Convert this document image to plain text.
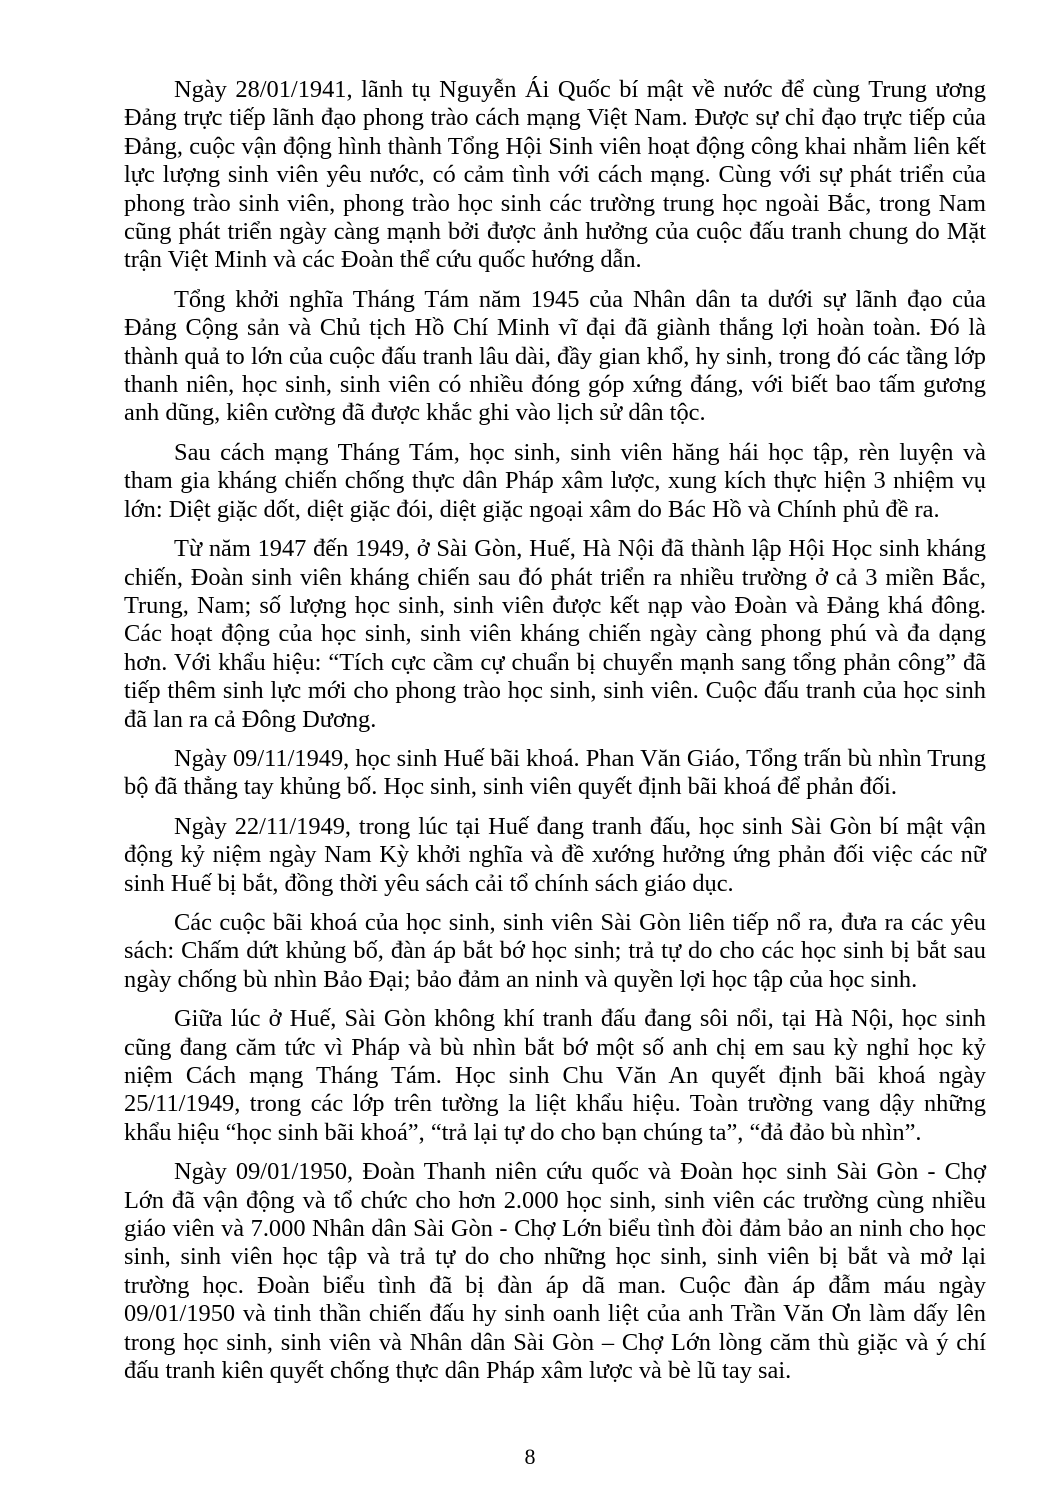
Ngày 28/01/1941, lãnh tụ Nguyễn Ái Quốc bí mật về nước để cùng Trung ương Đảng trực tiếp lãnh đạo phong trào cách mạng Việt Nam. Được sự chỉ đạo trực tiếp của Đảng, cuộc vận động hình thành Tổng Hội Sinh viên hoạt động công khai nhằm liên kết lực lượng sinh viên yêu nước, có cảm tình với cách mạng. Cùng với sự phát triển của phong trào sinh viên, phong trào học sinh các trường trung học ngoài Bắc, trong Nam cũng phát triển ngày càng mạnh bởi được ảnh hưởng của cuộc đấu tranh chung do Mặt trận Việt Minh và các Đoàn thể cứu quốc hướng dẫn.

Tổng khởi nghĩa Tháng Tám năm 1945 của Nhân dân ta dưới sự lãnh đạo của Đảng Cộng sản và Chủ tịch Hồ Chí Minh vĩ đại đã giành thắng lợi hoàn toàn. Đó là thành quả to lớn của cuộc đấu tranh lâu dài, đầy gian khổ, hy sinh, trong đó các tầng lớp thanh niên, học sinh, sinh viên có nhiều đóng góp xứng đáng, với biết bao tấm gương anh dũng, kiên cường đã được khắc ghi vào lịch sử dân tộc.

Sau cách mạng Tháng Tám, học sinh, sinh viên hăng hái học tập, rèn luyện và tham gia kháng chiến chống thực dân Pháp xâm lược, xung kích thực hiện 3 nhiệm vụ lớn: Diệt giặc dốt, diệt giặc đói, diệt giặc ngoại xâm do Bác Hồ và Chính phủ đề ra.

Từ năm 1947 đến 1949, ở Sài Gòn, Huế, Hà Nội đã thành lập Hội Học sinh kháng chiến, Đoàn sinh viên kháng chiến sau đó phát triển ra nhiều trường ở cả 3 miền Bắc, Trung, Nam; số lượng học sinh, sinh viên được kết nạp vào Đoàn và Đảng khá đông. Các hoạt động của học sinh, sinh viên kháng chiến ngày càng phong phú và đa dạng hơn. Với khẩu hiệu: “Tích cực cầm cự chuẩn bị chuyển mạnh sang tổng phản công” đã tiếp thêm sinh lực mới cho phong trào học sinh, sinh viên. Cuộc đấu tranh của học sinh đã lan ra cả Đông Dương.

Ngày 09/11/1949, học sinh Huế bãi khoá. Phan Văn Giáo, Tổng trấn bù nhìn Trung bộ đã thẳng tay khủng bố. Học sinh, sinh viên quyết định bãi khoá để phản đối.

Ngày 22/11/1949, trong lúc tại Huế đang tranh đấu, học sinh Sài Gòn bí mật vận động kỷ niệm ngày Nam Kỳ khởi nghĩa và đề xướng hưởng ứng phản đối việc các nữ sinh Huế bị bắt, đồng thời yêu sách cải tổ chính sách giáo dục.

Các cuộc bãi khoá của học sinh, sinh viên Sài Gòn liên tiếp nổ ra, đưa ra các yêu sách: Chấm dứt khủng bố, đàn áp bắt bớ học sinh; trả tự do cho các học sinh bị bắt sau ngày chống bù nhìn Bảo Đại; bảo đảm an ninh và quyền lợi học tập của học sinh.

Giữa lúc ở Huế, Sài Gòn không khí tranh đấu đang sôi nổi, tại Hà Nội, học sinh cũng đang căm tức vì Pháp và bù nhìn bắt bớ một số anh chị em sau kỳ nghỉ học kỷ niệm Cách mạng Tháng Tám. Học sinh Chu Văn An quyết định bãi khoá ngày 25/11/1949, trong các lớp trên tường la liệt khẩu hiệu. Toàn trường vang dậy những khẩu hiệu “học sinh bãi khoá”, “trả lại tự do cho bạn chúng ta”, “đả đảo bù nhìn”.

Ngày 09/01/1950, Đoàn Thanh niên cứu quốc và Đoàn học sinh Sài Gòn - Chợ Lớn đã vận động và tổ chức cho hơn 2.000 học sinh, sinh viên các trường cùng nhiều giáo viên và 7.000 Nhân dân Sài Gòn - Chợ Lớn biểu tình đòi đảm bảo an ninh cho học sinh, sinh viên học tập và trả tự do cho những học sinh, sinh viên bị bắt và mở lại trường học. Đoàn biểu tình đã bị đàn áp dã man. Cuộc đàn áp đẫm máu ngày 09/01/1950 và tinh thần chiến đấu hy sinh oanh liệt của anh Trần Văn Ơn làm dấy lên trong học sinh, sinh viên và Nhân dân Sài Gòn – Chợ Lớn lòng căm thù giặc và ý chí đấu tranh kiên quyết chống thực dân Pháp xâm lược và bè lũ tay sai.

8
